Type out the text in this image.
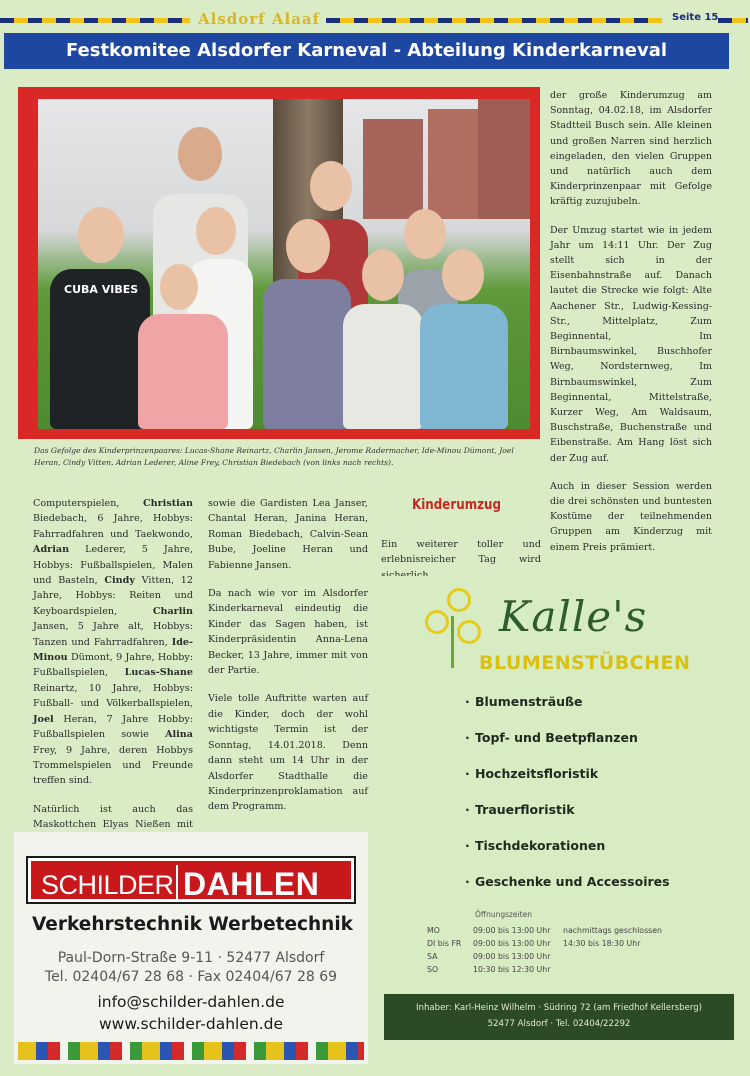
Alsdorf Alaaf	Seite 15
Festkomitee Alsdorfer Karneval - Abteilung Kinderkarneval
CUBA VIBES
Das Gefolge des Kinderprinzenpaares: Lucas-Shane Reinartz, Charlin Jansen, Jerome Radermacher, Ide-Minou Dümont, Joel Heran, Cindy Vitten, Adrian Lederer, Aline Frey, Christian Biedebach (von links nach rechts).

Computerspielen, Christian Biedebach, 6 Jahre, Hobbys: Fahrradfahren und Taekwondo, Adrian Lederer, 5 Jahre, Hobbys: Fußballspielen, Malen und Basteln, Cindy Vitten, 12 Jahre, Hobbys: Reiten und Keyboardspielen, Charlin Jansen, 5 Jahre alt, Hobbys: Tanzen und Fahrradfahren, Ide-Minou Dümont, 9 Jahre, Hobby: Fußballspielen, Lucas-Shane Reinartz, 10 Jahre, Hobbys: Fußball- und Völkerballspielen, Joel Heran, 7 Jahre Hobby: Fußballspielen sowie Alina Frey, 9 Jahre, deren Hobbys Trommelspielen und Freunde treffen sind.

Natürlich ist auch das Maskottchen Elyas Nießen mit

sowie die Gardisten Lea Janser, Chantal Heran, Janina Heran, Roman Biedebach, Calvin-Sean Bube, Joeline Heran und Fabienne Jansen.

Da nach wie vor im Alsdorfer Kinderkarneval eindeutig die Kinder das Sagen haben, ist Kinderpräsidentin Anna-Lena Becker, 13 Jahre, immer mit von der Partie.

Viele tolle Auftritte warten auf die Kinder, doch der wohl wichtigste Termin ist der Sonntag, 14.01.2018. Denn dann steht um 14 Uhr in der Alsdorfer Stadthalle die Kinderprinzenproklamation auf dem Programm.

Kinderumzug

Ein weiterer toller und erlebnisreicher Tag wird

der große Kinderumzug am Sonntag, 04.02.18, im Alsdorfer Stadtteil Busch sein. Alle kleinen und großen Narren sind herzlich eingeladen, den vielen Gruppen und natürlich auch dem Kinderprinzenpaar mit Gefolge kräftig zuzujubeln.

Der Umzug startet wie in jedem Jahr um 14:11 Uhr. Der Zug stellt sich in der Eisenbahnstraße auf. Danach lautet die Strecke wie folgt: Alte Aachener Str., Ludwig-Kessing-Str., Mittelplatz, Zum Beginnental, Im Birnbaumswinkel, Buschhofer Weg, Nordsternweg, Im Birnbaumswinkel, Zum Beginnental, Mittelstraße, Kurzer Weg, Am Waldsaum, Buschstraße, Buchenstraße und Eibenstraße. Am Hang löst sich der Zug auf.

Auch in dieser Session werden die drei schönsten und buntesten Kostüme der teilnehmenden Gruppen am Kinderzug mit einem Preis prämiert.

Kalle's
BLUMENSTÜBCHEN
· Blumensträuße
· Topf- und Beetpflanzen
· Hochzeitsfloristik
· Trauerfloristik
· Tischdekorationen
· Geschenke und Accessoires
Öffnungszeiten
MO	09:00 bis 13:00 Uhr nachmittags geschlossen
DI bis FR 09:00 bis 13:00 Uhr 14:30 bis 18:30 Uhr
SA	09:00 bis 13:00 Uhr
SO	10:30 bis 12:30 Uhr
Inhaber: Karl-Heinz Wilhelm · Südring 72 (am Friedhof Kellersberg)
52477 Alsdorf · Tel. 02404/22292
SCHILDER DAHLEN
Verkehrstechnik Werbetechnik
Paul-Dorn-Straße 9-11 · 52477 Alsdorf
Tel. 02404/67 28 68 · Fax 02404/67 28 69
info@schilder-dahlen.de
www.schilder-dahlen.de
